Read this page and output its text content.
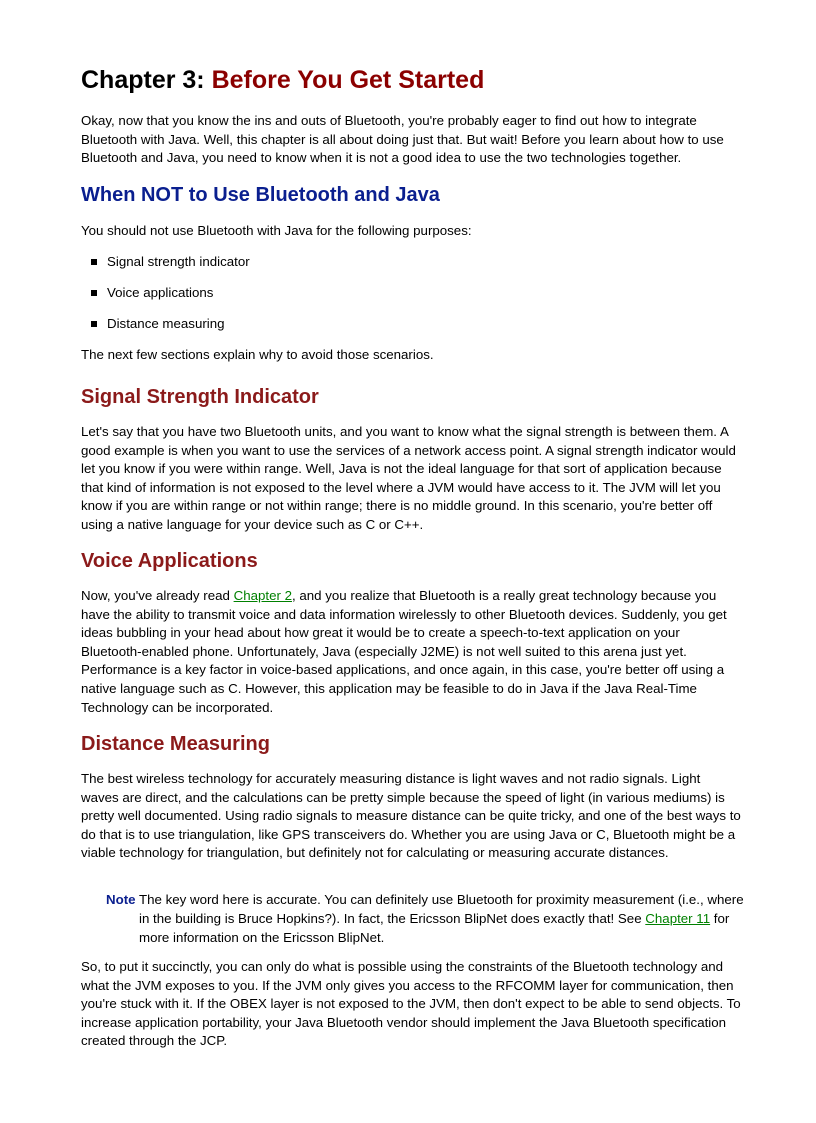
Chapter 3: Before You Get Started

Okay, now that you know the ins and outs of Bluetooth, you're probably eager to find out how to integrate Bluetooth with Java. Well, this chapter is all about doing just that. But wait! Before you learn about how to use Bluetooth and Java, you need to know when it is not a good idea to use the two technologies together.

When NOT to Use Bluetooth and Java

You should not use Bluetooth with Java for the following purposes:

Signal strength indicator
Voice applications
Distance measuring

The next few sections explain why to avoid those scenarios.

Signal Strength Indicator

Let's say that you have two Bluetooth units, and you want to know what the signal strength is between them. A good example is when you want to use the services of a network access point. A signal strength indicator would let you know if you were within range. Well, Java is not the ideal language for that sort of application because that kind of information is not exposed to the level where a JVM would have access to it. The JVM will let you know if you are within range or not within range; there is no middle ground. In this scenario, you're better off using a native language for your device such as C or C++.

Voice Applications

Now, you've already read Chapter 2, and you realize that Bluetooth is a really great technology because you have the ability to transmit voice and data information wirelessly to other Bluetooth devices. Suddenly, you get ideas bubbling in your head about how great it would be to create a speech-to-text application on your Bluetooth-enabled phone. Unfortunately, Java (especially J2ME) is not well suited to this arena just yet. Performance is a key factor in voice-based applications, and once again, in this case, you're better off using a native language such as C. However, this application may be feasible to do in Java if the Java Real-Time Technology can be incorporated.

Distance Measuring

The best wireless technology for accurately measuring distance is light waves and not radio signals. Light waves are direct, and the calculations can be pretty simple because the speed of light (in various mediums) is pretty well documented. Using radio signals to measure distance can be quite tricky, and one of the best ways to do that is to use triangulation, like GPS transceivers do. Whether you are using Java or C, Bluetooth might be a viable technology for triangulation, but definitely not for calculating or measuring accurate distances.

Note The key word here is accurate. You can definitely use Bluetooth for proximity measurement (i.e., where in the building is Bruce Hopkins?). In fact, the Ericsson BlipNet does exactly that! See Chapter 11 for more information on the Ericsson BlipNet.

So, to put it succinctly, you can only do what is possible using the constraints of the Bluetooth technology and what the JVM exposes to you. If the JVM only gives you access to the RFCOMM layer for communication, then you're stuck with it. If the OBEX layer is not exposed to the JVM, then don't expect to be able to send objects. To increase application portability, your Java Bluetooth vendor should implement the Java Bluetooth specification created through the JCP.
